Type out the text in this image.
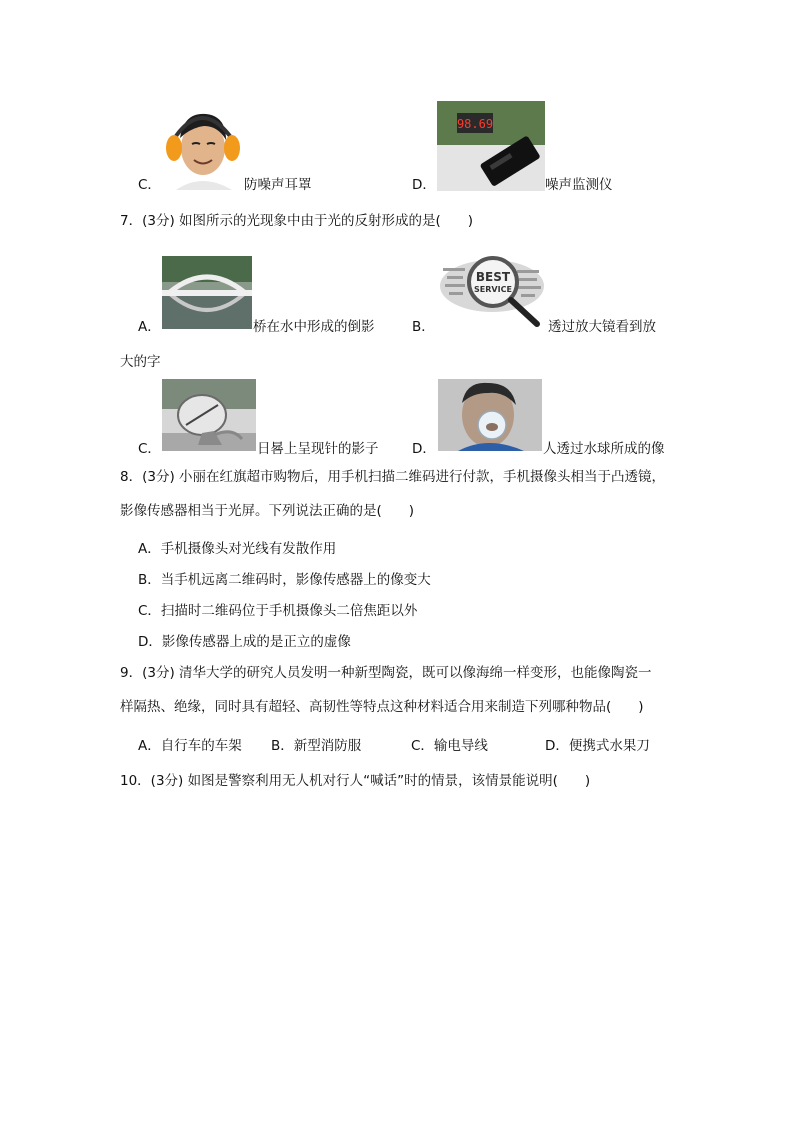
C．	防噪声耳罩
98.69
D．	噪声监测仪
7．(3分) 如图所示的光现象中由于光的反射形成的是(　　)
A．	桥在水中形成的倒影
BEST
SERVICE
B．	透过放大镜看到放
大的字
C．	日晷上呈现针的影子 D．	人透过水球所成的像
8．(3分) 小丽在红旗超市购物后，用手机扫描二维码进行付款，手机摄像头相当于凸透镜，
影像传感器相当于光屏。下列说法正确的是(　　)
A．手机摄像头对光线有发散作用
B．当手机远离二维码时，影像传感器上的像变大
C．扫描时二维码位于手机摄像头二倍焦距以外
D．影像传感器上成的是正立的虚像
9．(3分) 清华大学的研究人员发明一种新型陶瓷，既可以像海绵一样变形，也能像陶瓷一
样隔热、绝缘，同时具有超轻、高韧性等特点这种材料适合用来制造下列哪种物品(　　)
A．自行车的车架 B．新型消防服	C．输电导线	D．便携式水果刀
10．(3分) 如图是警察利用无人机对行人“喊话”时的情景，该情景能说明(　　)
